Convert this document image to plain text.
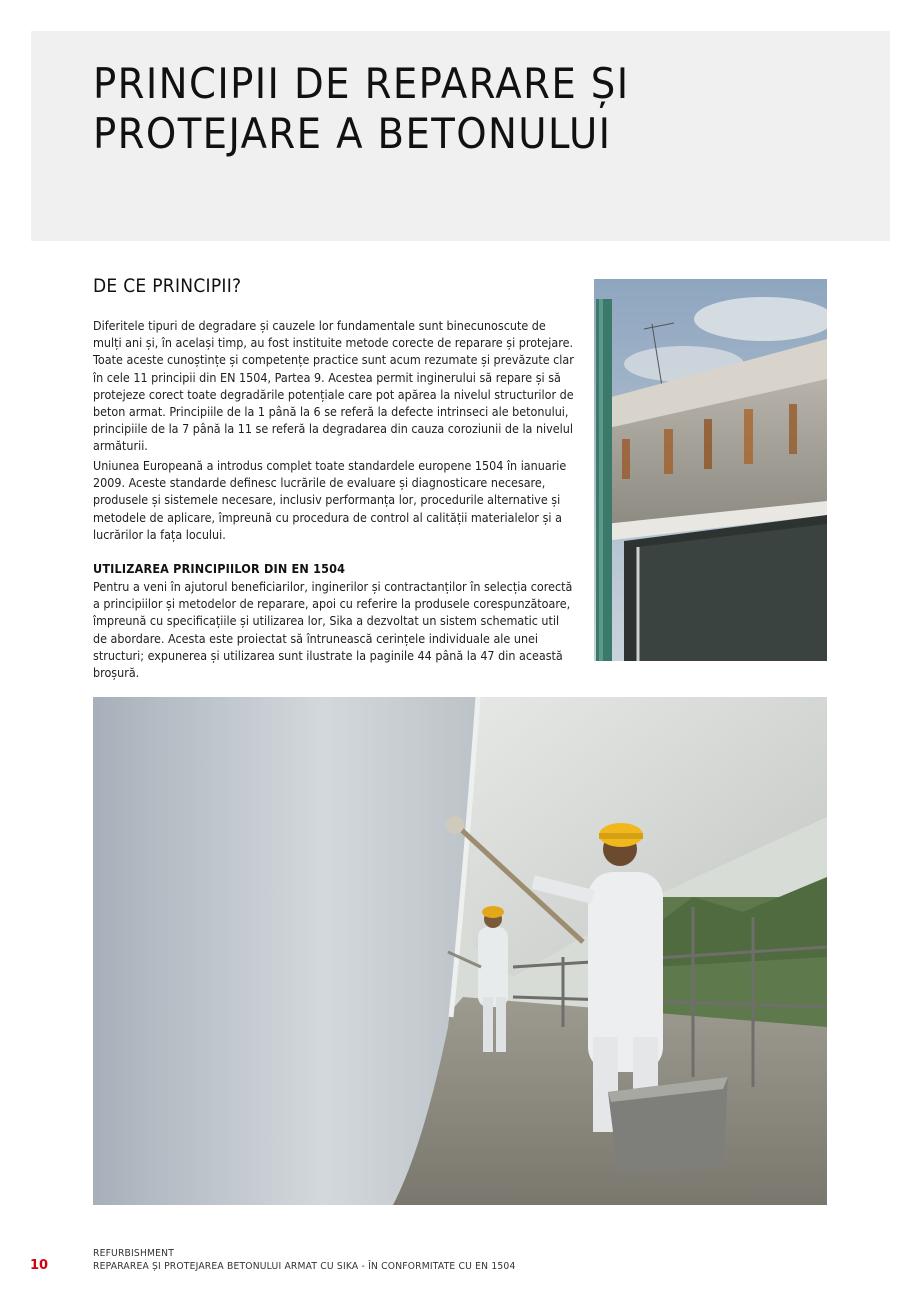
PRINCIPII DE REPARARE ȘI
PROTEJARE A BETONULUI
DE CE PRINCIPII?

Diferitele tipuri de degradare și cauzele lor fundamentale sunt binecunoscute de mulți ani și, în același timp, au fost instituite metode corecte de reparare și protejare. Toate aceste cunoștințe și competențe practice sunt acum rezumate și prevăzute clar în cele 11 principii din EN 1504, Partea 9. Acestea permit inginerului să repare și să protejeze corect toate degradările potențiale care pot apărea la nivelul structurilor de beton armat. Principiile de la 1 până la 6 se referă la defecte intrinseci ale betonului, principiile de la 7 până la 11 se referă la degradarea din cauza coroziunii de la nivelul armăturii.

Uniunea Europeană a introdus complet toate standardele europene 1504 în ianuarie 2009. Aceste standarde definesc lucrările de evaluare și diagnosticare necesare, produsele și sistemele necesare, inclusiv performanța lor, procedurile alternative și metodele de aplicare, împreună cu procedura de control al calității materialelor și a lucrărilor la fața locului.

UTILIZAREA PRINCIPIILOR DIN EN 1504

Pentru a veni în ajutorul beneficiarilor, inginerilor și contractanților în selecția corectă a principiilor și metodelor de reparare, apoi cu referire la produsele corespunzătoare, împreună cu specificațiile și utilizarea lor, Sika a dezvoltat un sistem schematic util de abordare. Acesta este proiectat să întrunească cerințele individuale ale unei structuri; expunerea și utilizarea sunt ilustrate la paginile 44 până la 47 din această broșură.

10
REFURBISHMENT
REPARAREA ȘI PROTEJAREA BETONULUI ARMAT CU SIKA - ÎN CONFORMITATE CU EN 1504
